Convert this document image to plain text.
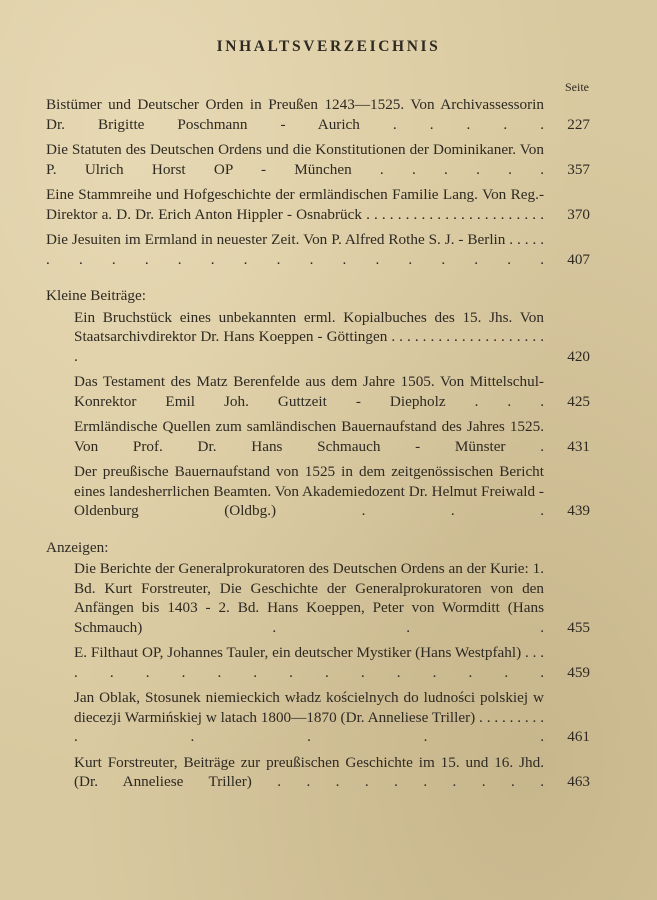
INHALTSVERZEICHNIS
Seite
Bistümer und Deutscher Orden in Preußen 1243—1525. Von Archivassessorin Dr. Brigitte Poschmann - Aurich . . . . .	227
Die Statuten des Deutschen Ordens und die Konstitutionen der Dominikaner. Von P. Ulrich Horst OP - München . . . . . .	357
Eine Stammreihe und Hofgeschichte der ermländischen Familie Lang. Von Reg.-Direktor a. D. Dr. Erich Anton Hippler - Osnabrück . . . . . . . . . . . . . . . . . . . . . . .	370
Die Jesuiten im Ermland in neuester Zeit. Von P. Alfred Rothe S. J. - Berlin . . . . . . . . . . . . . . . . . . . . .	407
Kleine Beiträge:
Ein Bruchstück eines unbekannten erml. Kopialbuches des 15. Jhs. Von Staatsarchivdirektor Dr. Hans Koeppen - Göttingen . . . . . . . . . . . . . . . . . . . . .	420
Das Testament des Matz Berenfelde aus dem Jahre 1505. Von Mittelschul-Konrektor Emil Joh. Guttzeit - Diepholz . . .	425
Ermländische Quellen zum samländischen Bauernaufstand des Jahres 1525. Von Prof. Dr. Hans Schmauch - Münster .	431
Der preußische Bauernaufstand von 1525 in dem zeitgenössischen Bericht eines landesherrlichen Beamten. Von Akademiedozent Dr. Helmut Freiwald - Oldenburg (Oldbg.) . . .	439
Anzeigen:
Die Berichte der Generalprokuratoren des Deutschen Ordens an der Kurie: 1. Bd. Kurt Forstreuter, Die Geschichte der Generalprokuratoren von den Anfängen bis 1403 - 2. Bd. Hans Koeppen, Peter von Wormditt (Hans Schmauch) . . .	455
E. Filthaut OP, Johannes Tauler, ein deutscher Mystiker (Hans Westpfahl) . . . . . . . . . . . . . . . . .	459
Jan Oblak, Stosunek niemieckich władz kościelnych do ludności polskiej w diecezji Warmińskiej w latach 1800—1870 (Dr. Anneliese Triller) . . . . . . . . . . . . . .	461
Kurt Forstreuter, Beiträge zur preußischen Geschichte im 15. und 16. Jhd. (Dr. Anneliese Triller) . . . . . . . . . .	463
